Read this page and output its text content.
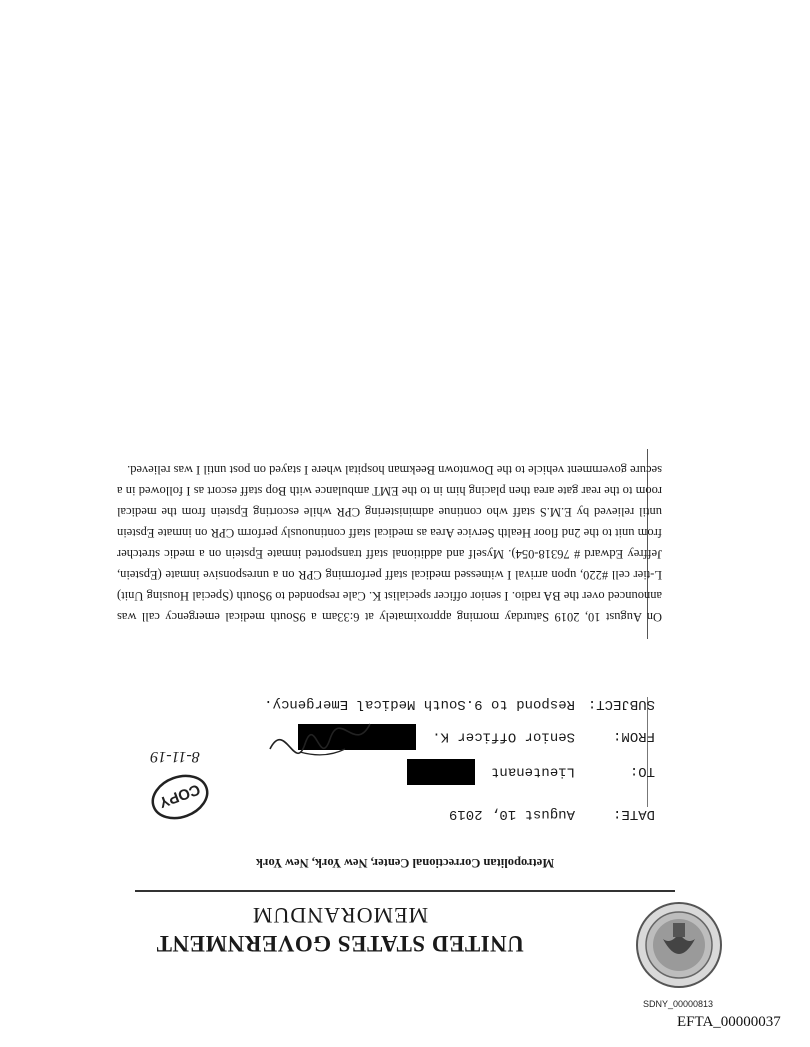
UNITED STATES GOVERNMENT
MEMORANDUM
Metropolitan Correctional Center, New York, New York
DATE:August 10, 2019
TO:Lieutenant
FROM:Senior Officer K.
SUBJECT:Respond to 9.South Medical Emergency.
COPY
8-11-19

On August 10, 2019 Saturday morning approximately at 6:33am a 9South medical emergency call was announced over the BA radio. I senior officer specialist K. Cale responded to 9South (Special Housing Unit) L-tier cell #220, upon arrival I witnessed medical staff performing CPR on a unresponsive inmate (Epstein, Jeffrey Edward # 76318-054). Myself and additional staff transported inmate Epstein on a medic stretcher from unit to the 2nd floor Health Service Area as medical staff continuously perform CPR on inmate Epstein until relieved by E.M.S staff who continue administering CPR while escorting Epstein from the medical room to the rear gate area then placing him in to the EMT ambulance with Bop staff escort as I followed in a secure government vehicle to the Downtown Beekman hospital where I stayed on post until I was relieved.

SDNY_00000813
EFTA_00000037
